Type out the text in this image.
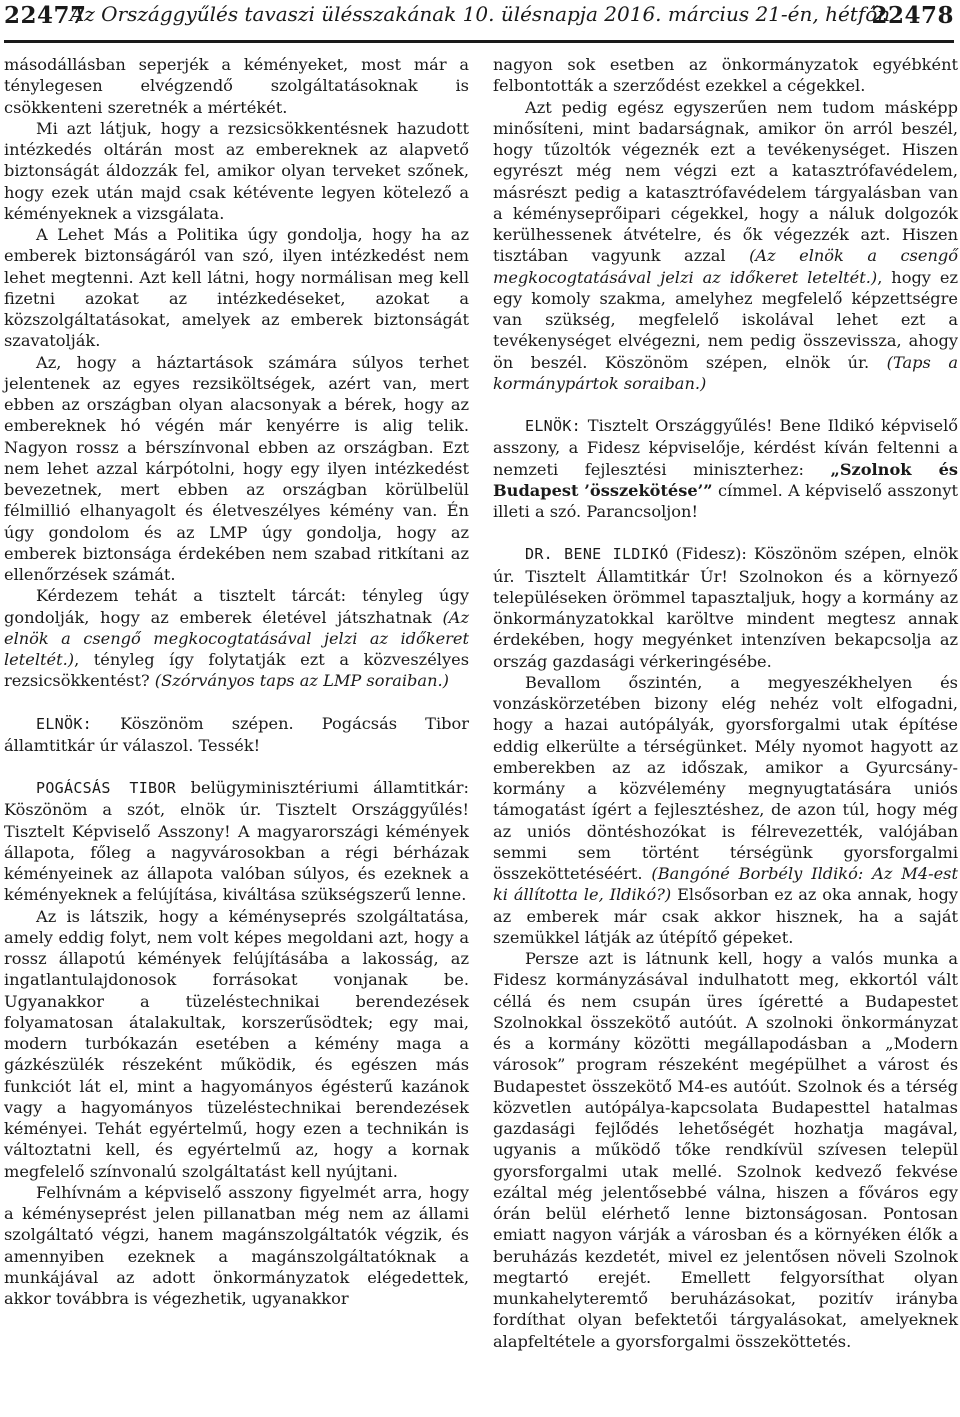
22477
Az Országgyűlés tavaszi ülésszakának 10. ülésnapja 2016. március 21-én, hétfőn
22478

másodállásban seperjék a kéményeket, most már a ténylegesen elvégzendő szolgáltatásoknak is csökkenteni szeretnék a mértékét.

Mi azt látjuk, hogy a rezsicsökkentésnek hazudott intézkedés oltárán most az embereknek az alapvető biztonságát áldozzák fel, amikor olyan terveket szőnek, hogy ezek után majd csak kétévente legyen kötelező a kéményeknek a vizsgálata.

A Lehet Más a Politika úgy gondolja, hogy ha az emberek biztonságáról van szó, ilyen intézkedést nem lehet megtenni. Azt kell látni, hogy normálisan meg kell fizetni azokat az intézkedéseket, azokat a közszolgáltatásokat, amelyek az emberek biztonságát szavatolják.

Az, hogy a háztartások számára súlyos terhet jelentenek az egyes rezsiköltségek, azért van, mert ebben az országban olyan alacsonyak a bérek, hogy az embereknek hó végén már kenyérre is alig telik. Nagyon rossz a bérszínvonal ebben az országban. Ezt nem lehet azzal kárpótolni, hogy egy ilyen intézkedést bevezetnek, mert ebben az országban körülbelül félmillió elhanyagolt és életveszélyes kémény van. Én úgy gondolom és az LMP úgy gondolja, hogy az emberek biztonsága érdekében nem szabad ritkítani az ellenőrzések számát.

Kérdezem tehát a tisztelt tárcát: tényleg úgy gondolják, hogy az emberek életével játszhatnak (Az elnök a csengő megkocogtatásával jelzi az időkeret leteltét.), tényleg így folytatják ezt a közveszélyes rezsicsökkentést? (Szórványos taps az LMP soraiban.)

ELNÖK: Köszönöm szépen. Pogácsás Tibor államtitkár úr válaszol. Tessék!

POGÁCSÁS TIBOR belügyminisztériumi államtitkár: Köszönöm a szót, elnök úr. Tisztelt Országgyűlés! Tisztelt Képviselő Asszony! A magyarországi kémények állapota, főleg a nagyvárosokban a régi bérházak kéményeinek az állapota valóban súlyos, és ezeknek a kéményeknek a felújítása, kiváltása szükségszerű lenne.

Az is látszik, hogy a kéményseprés szolgáltatása, amely eddig folyt, nem volt képes megoldani azt, hogy a rossz állapotú kémények felújításába a lakosság, az ingatlantulajdonosok forrásokat vonjanak be. Ugyanakkor a tüzeléstechnikai berendezések folyamatosan átalakultak, korszerűsödtek; egy mai, modern turbókazán esetében a kémény maga a gázkészülék részeként működik, és egészen más funkciót lát el, mint a hagyományos égésterű kazánok vagy a hagyományos tüzeléstechnikai berendezések kéményei. Tehát egyértelmű, hogy ezen a technikán is változtatni kell, és egyértelmű az, hogy a kornak megfelelő színvonalú szolgáltatást kell nyújtani.

Felhívnám a képviselő asszony figyelmét arra, hogy a kéményseprést jelen pillanatban még nem az állami szolgáltató végzi, hanem magánszolgáltatók végzik, és amennyiben ezeknek a magánszolgáltatóknak a munkájával az adott önkormányzatok elégedettek, akkor továbbra is végezhetik, ugyanakkor

nagyon sok esetben az önkormányzatok egyébként felbontották a szerződést ezekkel a cégekkel.

Azt pedig egész egyszerűen nem tudom másképp minősíteni, mint badarságnak, amikor ön arról beszél, hogy tűzoltók végeznék ezt a tevékenységet. Hiszen egyrészt még nem végzi ezt a katasztrófavédelem, másrészt pedig a katasztrófavédelem tárgyalásban van a kéményseprőipari cégekkel, hogy a náluk dolgozók kerülhessenek átvételre, és ők végezzék azt. Hiszen tisztában vagyunk azzal (Az elnök a csengő megkocogtatásával jelzi az időkeret leteltét.), hogy ez egy komoly szakma, amelyhez megfelelő képzettségre van szükség, megfelelő iskolával lehet ezt a tevékenységet elvégezni, nem pedig összevissza, ahogy ön beszél. Köszönöm szépen, elnök úr. (Taps a kormánypártok soraiban.)

ELNÖK: Tisztelt Országgyűlés! Bene Ildikó képviselő asszony, a Fidesz képviselője, kérdést kíván feltenni a nemzeti fejlesztési miniszterhez: „Szolnok és Budapest ’összekötése’” címmel. A képviselő asszonyt illeti a szó. Parancsoljon!

DR. BENE ILDIKÓ (Fidesz): Köszönöm szépen, elnök úr. Tisztelt Államtitkár Úr! Szolnokon és a környező településeken örömmel tapasztaljuk, hogy a kormány az önkormányzatokkal karöltve mindent megtesz annak érdekében, hogy megyénket intenzíven bekapcsolja az ország gazdasági vérkeringésébe.

Bevallom őszintén, a megyeszékhelyen és vonzáskörzetében bizony elég nehéz volt elfogadni, hogy a hazai autópályák, gyorsforgalmi utak építése eddig elkerülte a térségünket. Mély nyomot hagyott az emberekben az az időszak, amikor a Gyurcsány-kormány a közvélemény megnyugtatására uniós támogatást ígért a fejlesztéshez, de azon túl, hogy még az uniós döntéshozókat is félrevezették, valójában semmi sem történt térségünk gyorsforgalmi összeköttetéséért. (Bangóné Borbély Ildikó: Az M4-est ki állította le, Ildikó?) Elsősorban ez az oka annak, hogy az emberek már csak akkor hisznek, ha a saját szemükkel látják az útépítő gépeket.

Persze azt is látnunk kell, hogy a valós munka a Fidesz kormányzásával indulhatott meg, ekkortól vált céllá és nem csupán üres ígéretté a Budapestet Szolnokkal összekötő autóút. A szolnoki önkormányzat és a kormány közötti megállapodásban a „Modern városok” program részeként megépülhet a várost és Budapestet összekötő M4-es autóút. Szolnok és a térség közvetlen autópálya-kapcsolata Budapesttel hatalmas gazdasági fejlődés lehetőségét hozhatja magával, ugyanis a működő tőke rendkívül szívesen települ gyorsforgalmi utak mellé. Szolnok kedvező fekvése ezáltal még jelentősebbé válna, hiszen a főváros egy órán belül elérhető lenne biztonságosan. Pontosan emiatt nagyon várják a városban és a környéken élők a beruházás kezdetét, mivel ez jelentősen növeli Szolnok megtartó erejét. Emellett felgyorsíthat olyan munkahelyteremtő beruházásokat, pozitív irányba fordíthat olyan befektetői tárgyalásokat, amelyeknek alapfeltétele a gyorsforgalmi összeköttetés.
